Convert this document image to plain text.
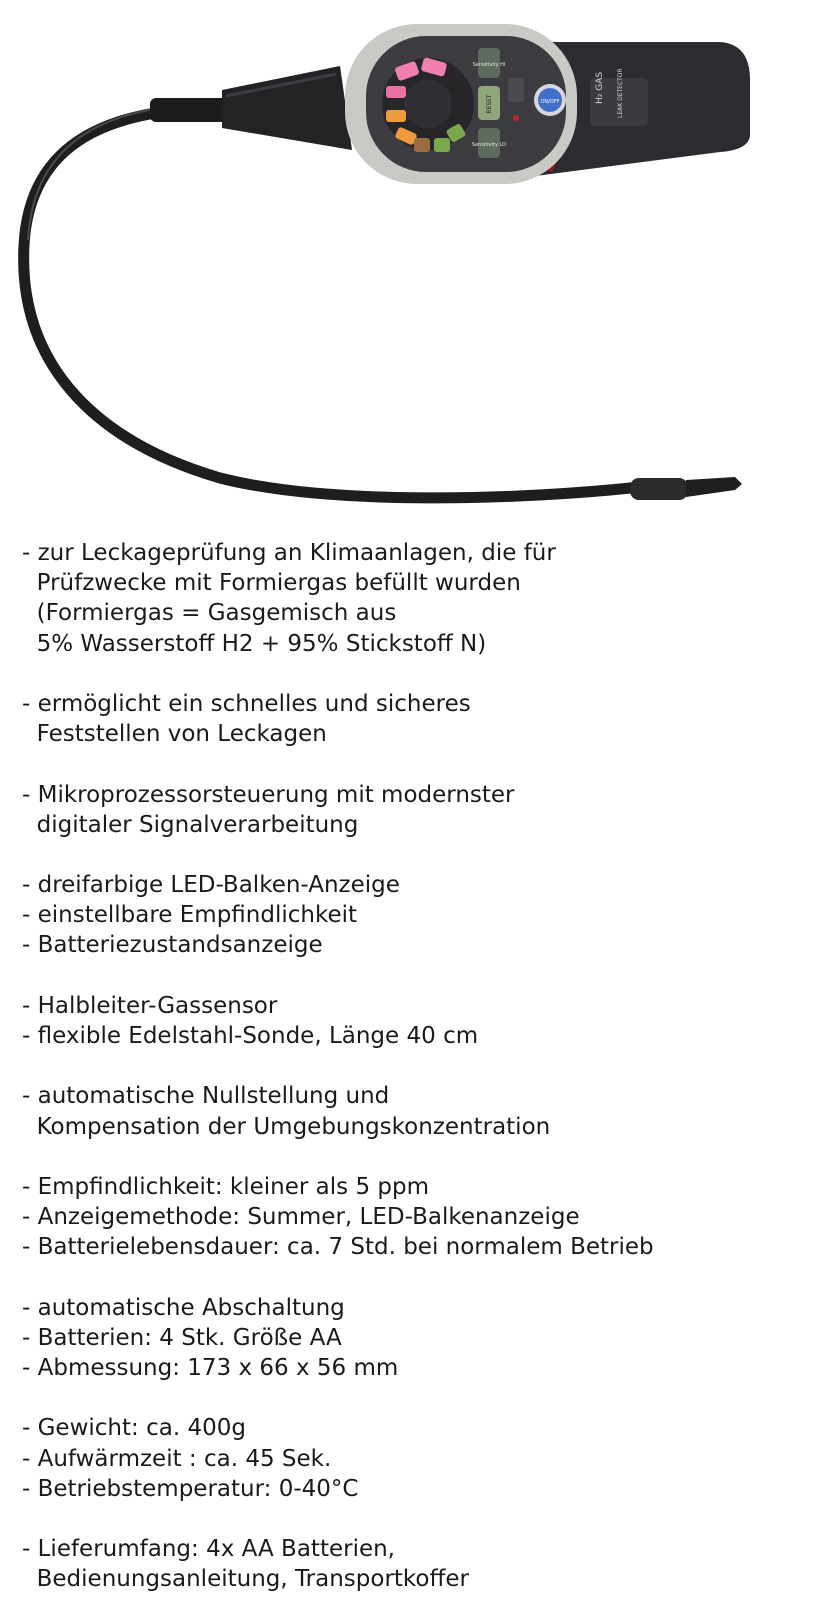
H₂ GAS LEAK DETECTOR
Sensitivity HI
RESET
Sensitivity LO
ON/OFF
- zur Leckageprüfung an Klimaanlagen, die für
Prüfzwecke mit Formiergas befüllt wurden
(Formiergas = Gasgemisch aus
5% Wasserstoff H2 + 95% Stickstoff N)
- ermöglicht ein schnelles und sicheres
Feststellen von Leckagen
- Mikroprozessorsteuerung mit modernster
digitaler Signalverarbeitung
- dreifarbige LED-Balken-Anzeige
- einstellbare Empfindlichkeit
- Batteriezustandsanzeige
- Halbleiter-Gassensor
- flexible Edelstahl-Sonde, Länge 40 cm
- automatische Nullstellung und
Kompensation der Umgebungskonzentration
- Empfindlichkeit: kleiner als 5 ppm
- Anzeigemethode: Summer, LED-Balkenanzeige
- Batterielebensdauer: ca. 7 Std. bei normalem Betrieb
- automatische Abschaltung
- Batterien: 4 Stk. Größe AA
- Abmessung: 173 x 66 x 56 mm
- Gewicht: ca. 400g
- Aufwärmzeit : ca. 45 Sek.
- Betriebstemperatur: 0-40°C
- Lieferumfang: 4x AA Batterien,
Bedienungsanleitung, Transportkoffer
